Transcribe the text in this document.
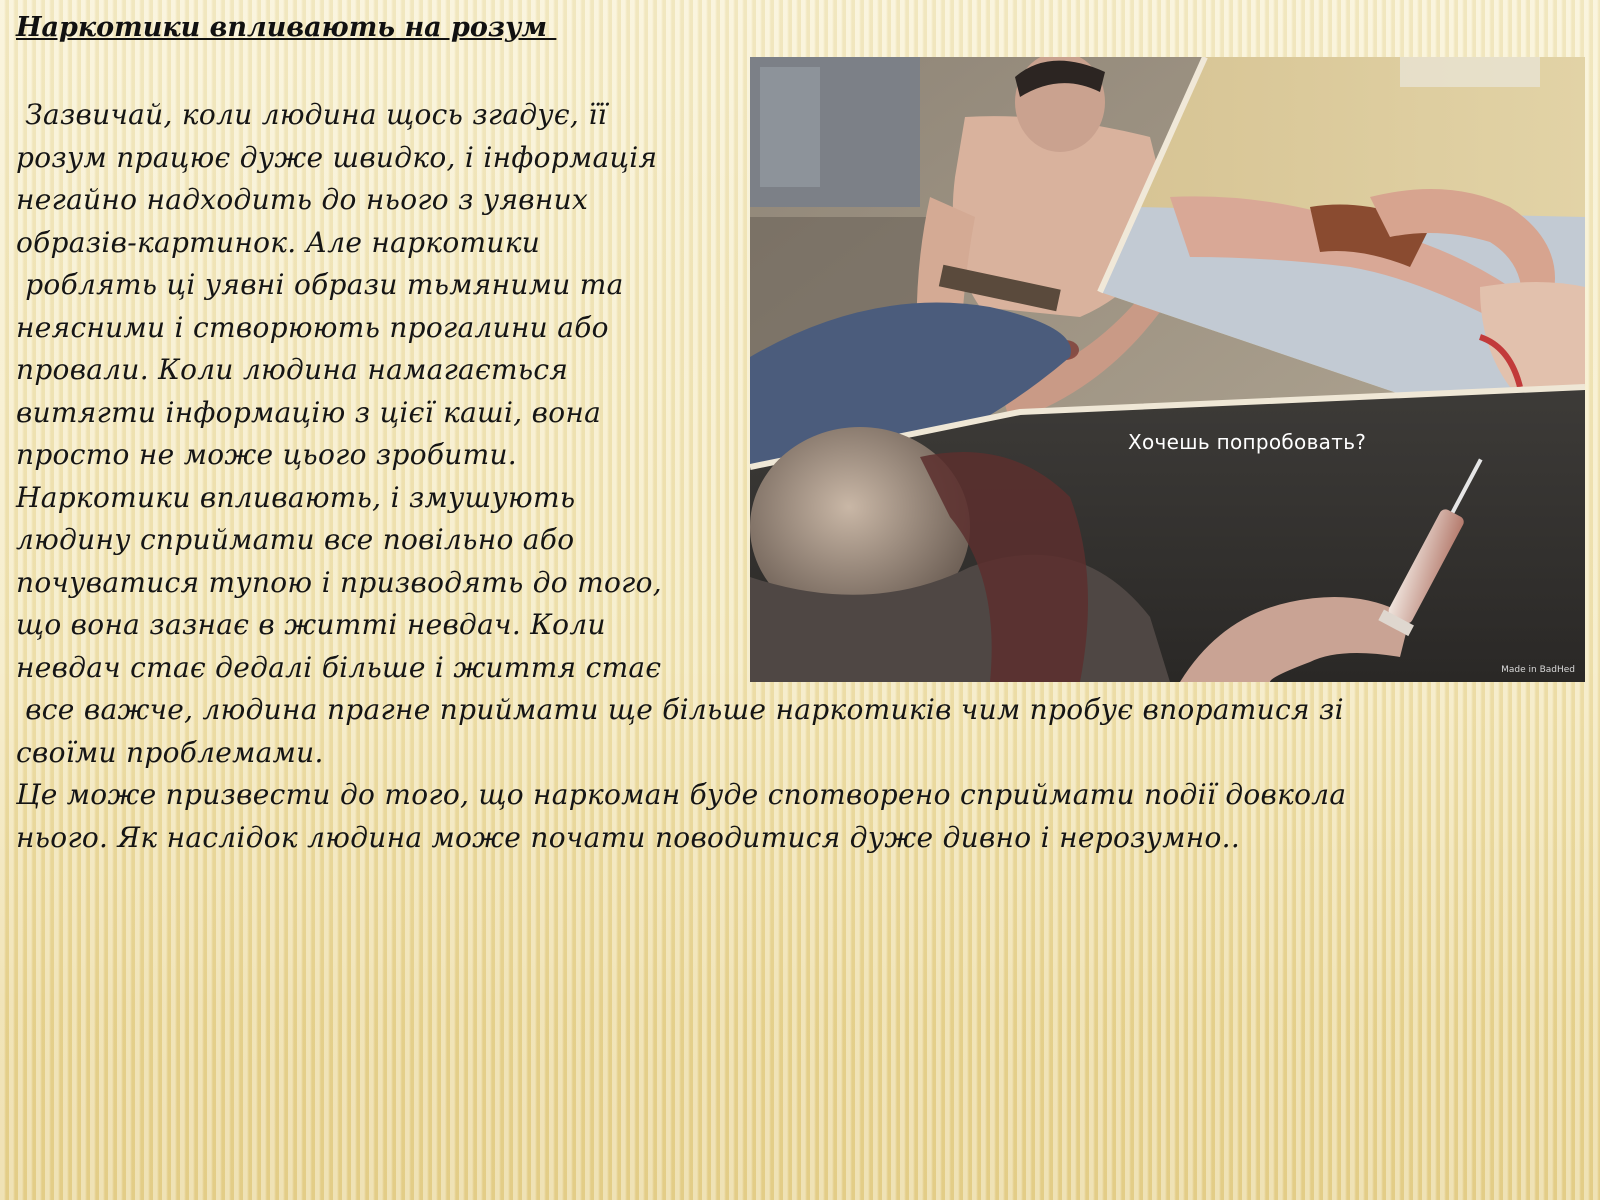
Наркотики впливають на розум
Зазвичай, коли людина щось згадує, її
розум працює дуже швидко, і інформація
негайно надходить до нього з уявних
образів-картинок. Але наркотики
роблять ці уявні образи тьмяними та
неясними і створюють прогалини або
провали. Коли людина намагається
витягти інформацію з цієї каші, вона
просто не може цього зробити.
Наркотики впливають, і змушують
людину сприймати все повільно або
почуватися тупою і призводять до того,
що вона зазнає в житті невдач. Коли
невдач стає дедалі більше і життя стає
все важче, людина прагне приймати ще більше наркотиків чим пробує впоратися зі
своїми проблемами.
Це може призвести до того, що наркоман буде спотворено сприймати події довкола
нього. Як наслідок людина може почати поводитися дуже дивно і нерозумно..
Хочешь попробовать?
Made in BadHed
